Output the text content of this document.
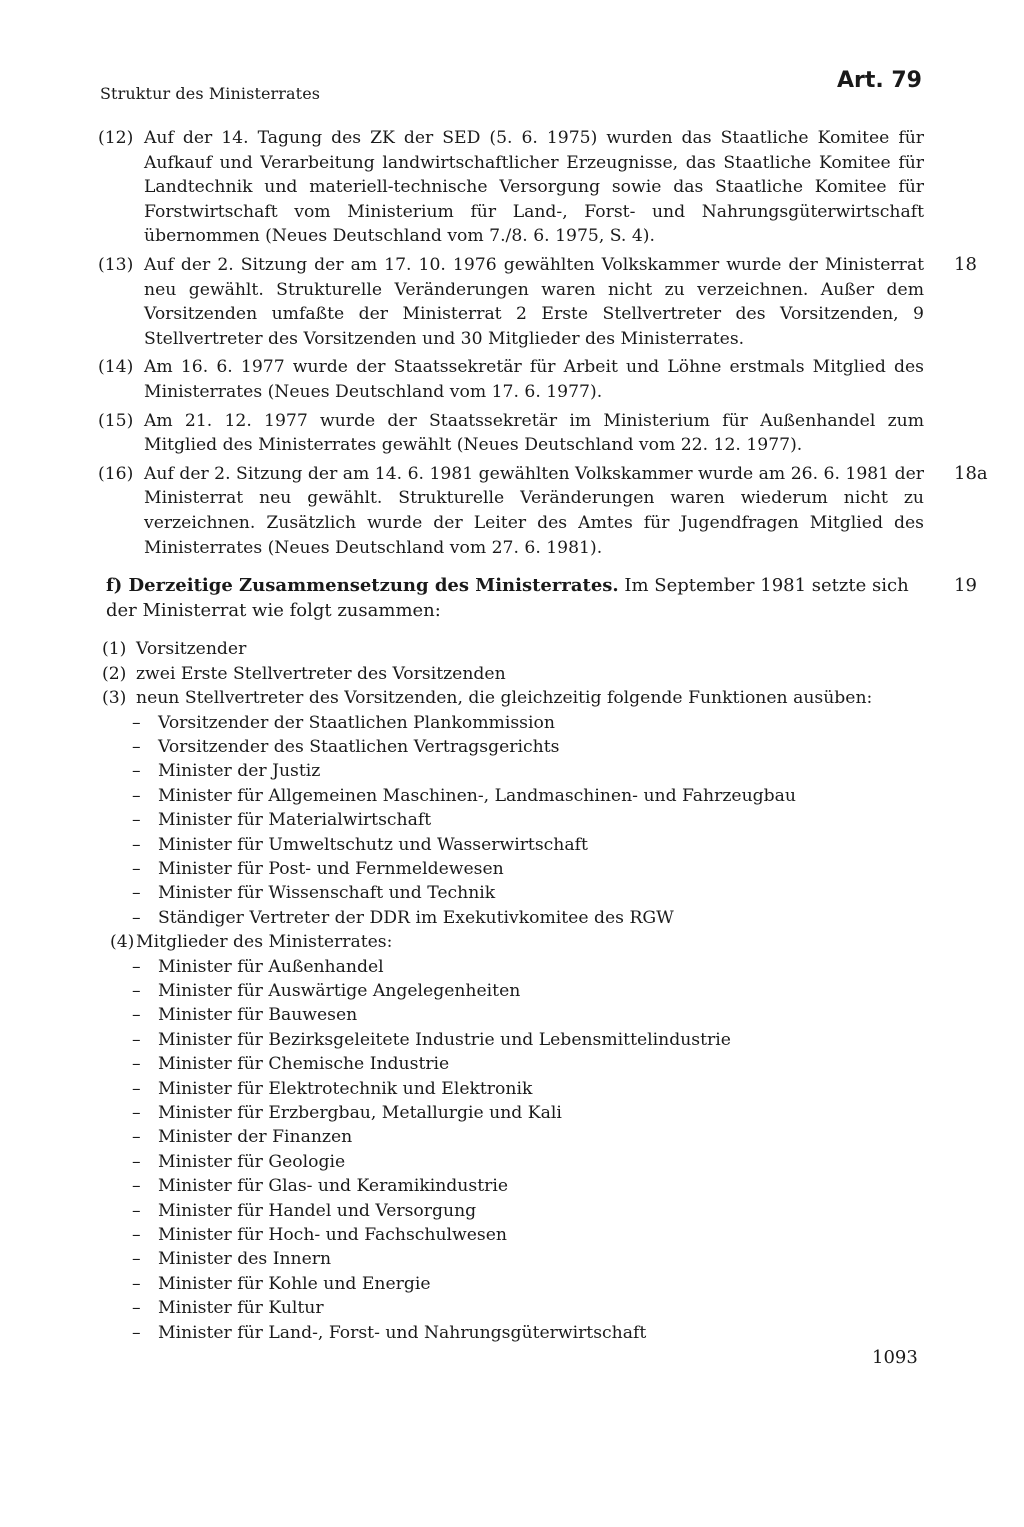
Struktur des Ministerrates
Art. 79
(12) Auf der 14. Tagung des ZK der SED (5. 6. 1975) wurden das Staatliche Komitee für Aufkauf und Verarbeitung landwirtschaftlicher Erzeugnisse, das Staatliche Komitee für Landtechnik und materiell-technische Versorgung sowie das Staatliche Komitee für Forstwirtschaft vom Ministerium für Land-, Forst- und Nahrungsgüterwirtschaft übernommen (Neues Deutschland vom 7./8. 6. 1975, S. 4).
(13) Auf der 2. Sitzung der am 17. 10. 1976 gewählten Volkskammer wurde der Ministerrat neu gewählt. Strukturelle Veränderungen waren nicht zu verzeichnen. Außer dem Vorsitzenden umfaßte der Ministerrat 2 Erste Stellvertreter des Vorsitzenden, 9 Stellvertreter des Vorsitzenden und 30 Mitglieder des Ministerrates.
18
(14) Am 16. 6. 1977 wurde der Staatssekretär für Arbeit und Löhne erstmals Mitglied des Ministerrates (Neues Deutschland vom 17. 6. 1977).
(15) Am 21. 12. 1977 wurde der Staatssekretär im Ministerium für Außenhandel zum Mitglied des Ministerrates gewählt (Neues Deutschland vom 22. 12. 1977).
(16) Auf der 2. Sitzung der am 14. 6. 1981 gewählten Volkskammer wurde am 26. 6. 1981 der Ministerrat neu gewählt. Strukturelle Veränderungen waren wiederum nicht zu verzeichnen. Zusätzlich wurde der Leiter des Amtes für Jugendfragen Mitglied des Ministerrates (Neues Deutschland vom 27. 6. 1981).
18a
f) Derzeitige Zusammensetzung des Ministerrates. Im September 1981 setzte sich der Ministerrat wie folgt zusammen:
19
(1) Vorsitzender
(2) zwei Erste Stellvertreter des Vorsitzenden
(3) neun Stellvertreter des Vorsitzenden, die gleichzeitig folgende Funktionen ausüben:
– Vorsitzender der Staatlichen Plankommission
– Vorsitzender des Staatlichen Vertragsgerichts
– Minister der Justiz
– Minister für Allgemeinen Maschinen-, Landmaschinen- und Fahrzeugbau
– Minister für Materialwirtschaft
– Minister für Umweltschutz und Wasserwirtschaft
– Minister für Post- und Fernmeldewesen
– Minister für Wissenschaft und Technik
– Ständiger Vertreter der DDR im Exekutivkomitee des RGW
(4) Mitglieder des Ministerrates:
– Minister für Außenhandel
– Minister für Auswärtige Angelegenheiten
– Minister für Bauwesen
– Minister für Bezirksgeleitete Industrie und Lebensmittelindustrie
– Minister für Chemische Industrie
– Minister für Elektrotechnik und Elektronik
– Minister für Erzbergbau, Metallurgie und Kali
– Minister der Finanzen
– Minister für Geologie
– Minister für Glas- und Keramikindustrie
– Minister für Handel und Versorgung
– Minister für Hoch- und Fachschulwesen
– Minister des Innern
– Minister für Kohle und Energie
– Minister für Kultur
– Minister für Land-, Forst- und Nahrungsgüterwirtschaft
1093
